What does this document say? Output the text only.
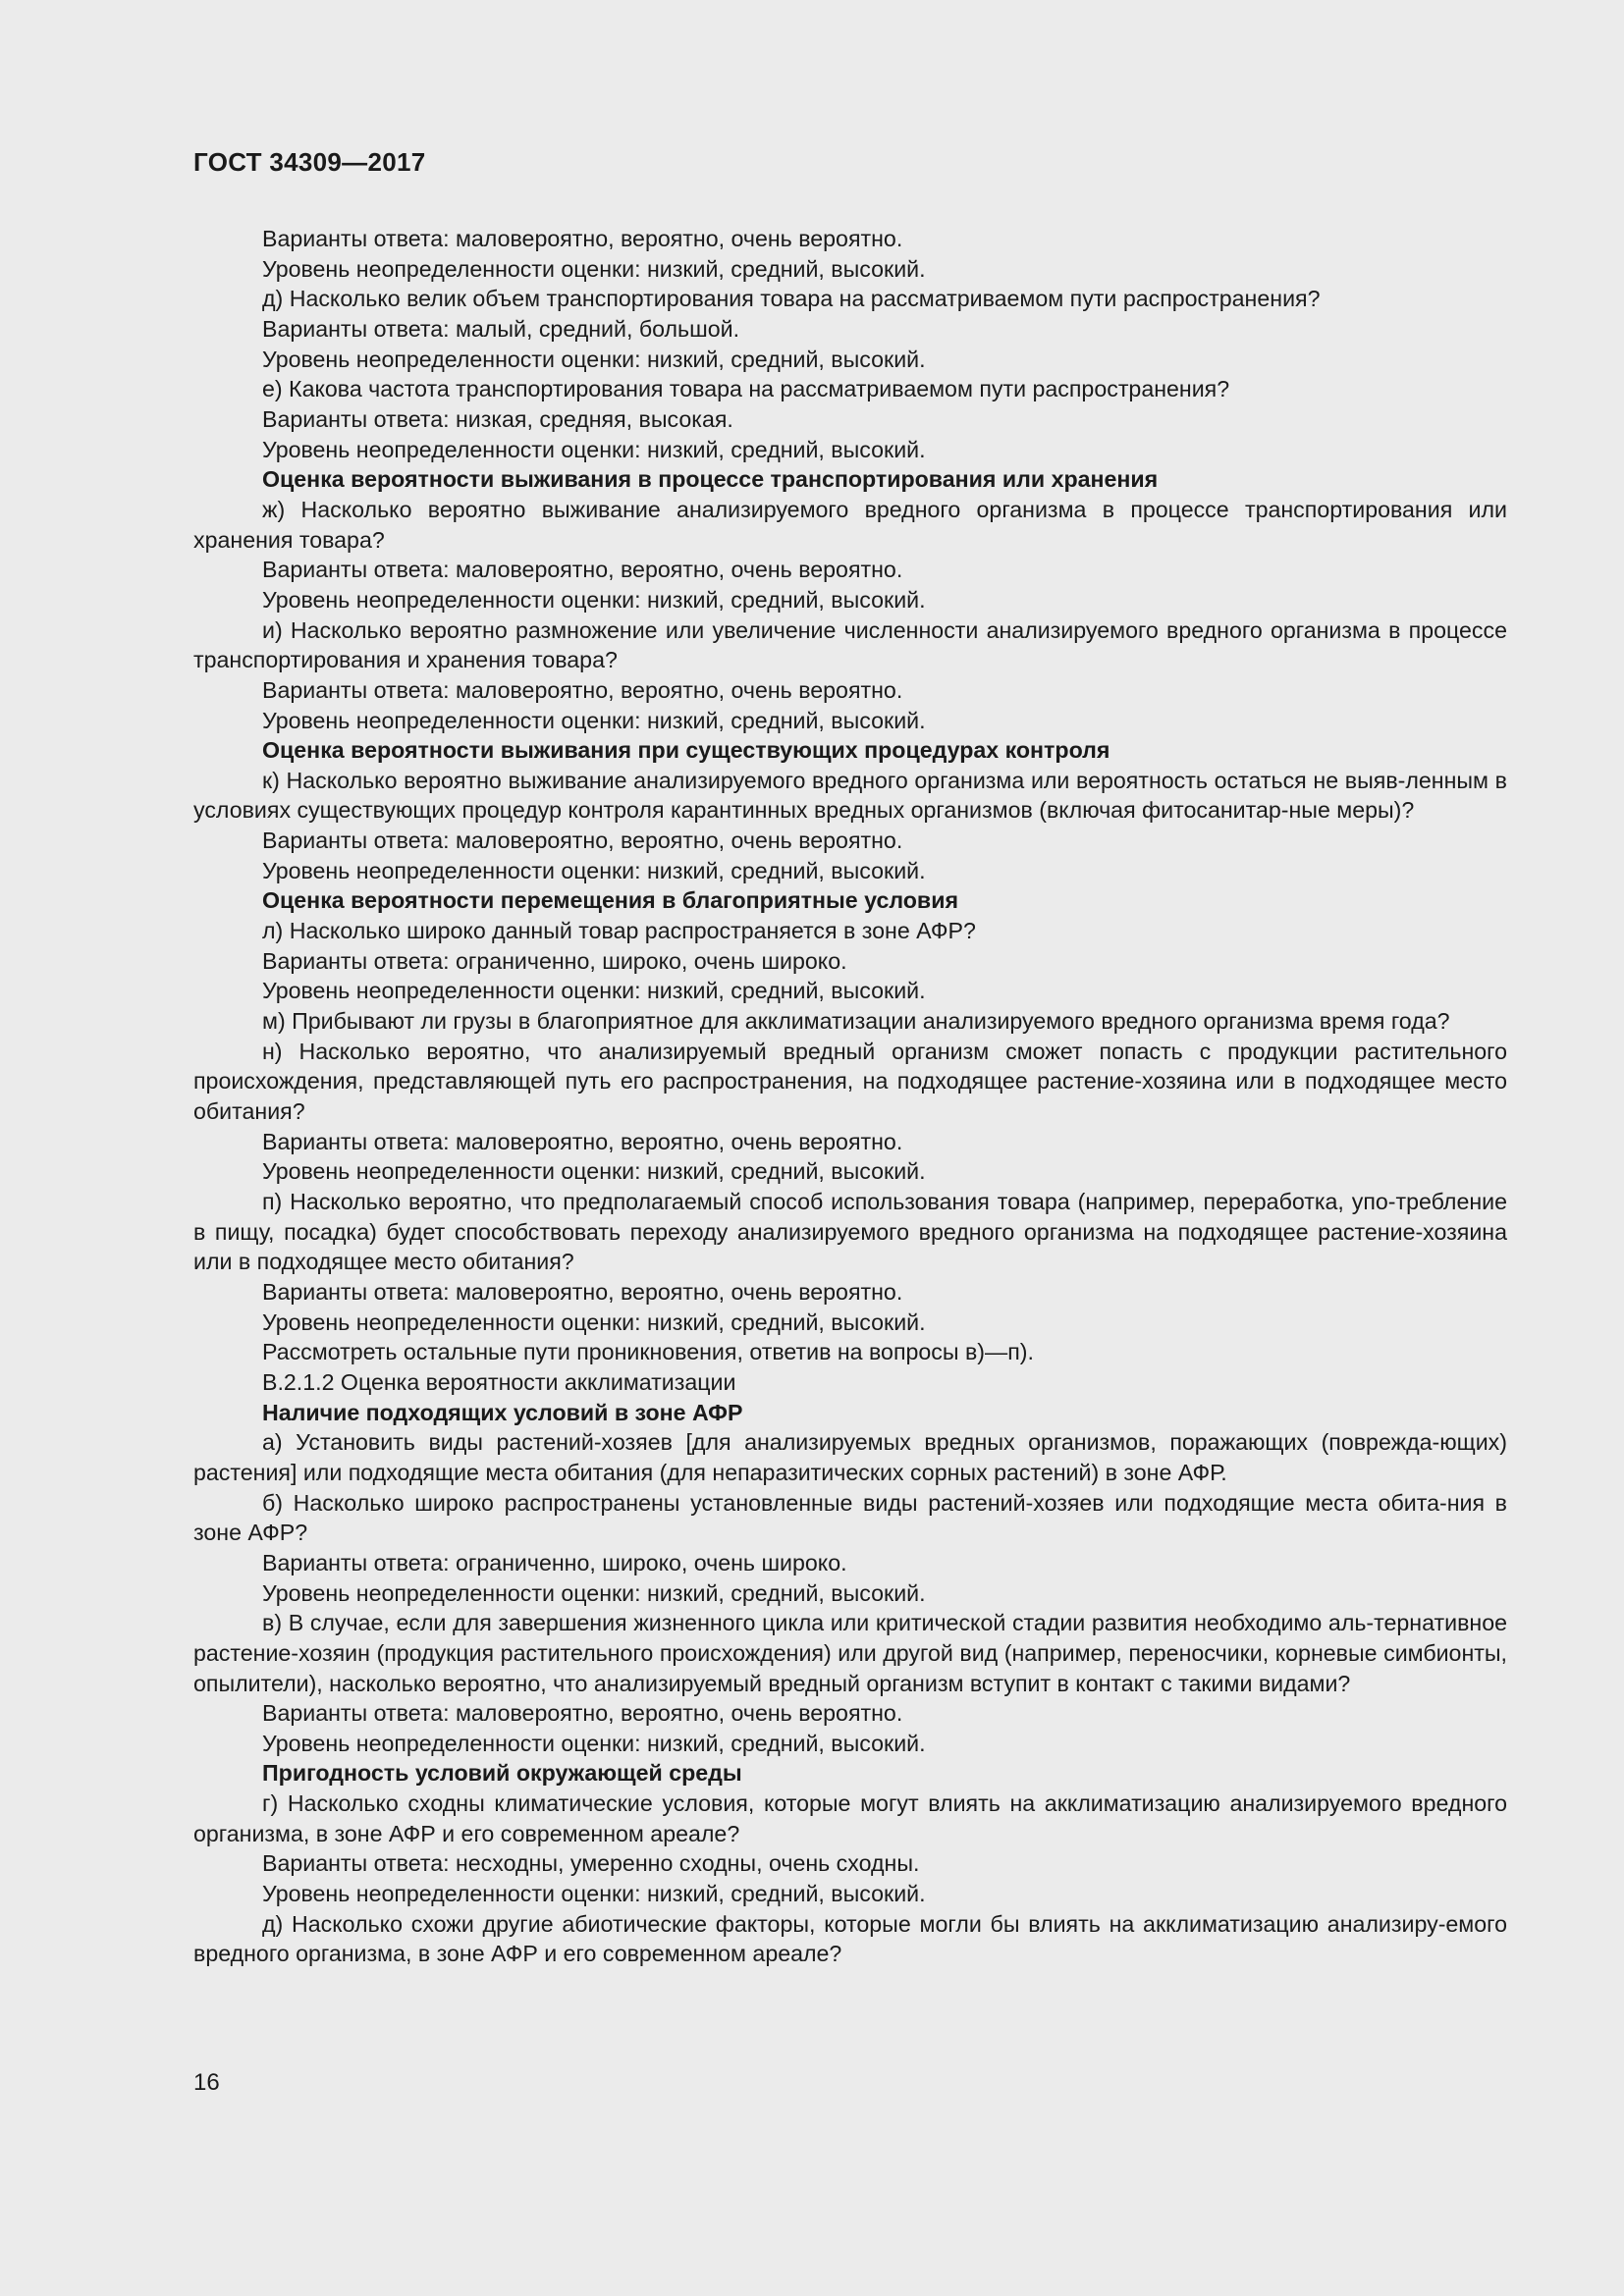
ГОСТ 34309—2017

Варианты ответа: маловероятно, вероятно, очень вероятно.

Уровень неопределенности оценки: низкий, средний, высокий.

д) Насколько велик объем транспортирования товара на рассматриваемом пути распространения?

Варианты ответа: малый, средний, большой.

Уровень неопределенности оценки: низкий, средний, высокий.

е) Какова частота транспортирования товара на рассматриваемом пути распространения?

Варианты ответа: низкая, средняя, высокая.

Уровень неопределенности оценки: низкий, средний, высокий.

Оценка вероятности выживания в процессе транспортирования или хранения

ж) Насколько вероятно выживание анализируемого вредного организма в процессе транспортирования или хранения товара?

Варианты ответа: маловероятно, вероятно, очень вероятно.

Уровень неопределенности оценки: низкий, средний, высокий.

и) Насколько вероятно размножение или увеличение численности анализируемого вредного организма в процессе транспортирования и хранения товара?

Варианты ответа: маловероятно, вероятно, очень вероятно.

Уровень неопределенности оценки: низкий, средний, высокий.

Оценка вероятности выживания при существующих процедурах контроля

к) Насколько вероятно выживание анализируемого вредного организма или вероятность остаться не выяв-ленным в условиях существующих процедур контроля карантинных вредных организмов (включая фитосанитар-ные меры)?

Варианты ответа: маловероятно, вероятно, очень вероятно.

Уровень неопределенности оценки: низкий, средний, высокий.

Оценка вероятности перемещения в благоприятные условия

л) Насколько широко данный товар распространяется в зоне АФР?

Варианты ответа: ограниченно, широко, очень широко.

Уровень неопределенности оценки: низкий, средний, высокий.

м) Прибывают ли грузы в благоприятное для акклиматизации анализируемого вредного организма время года?

н) Насколько вероятно, что анализируемый вредный организм сможет попасть с продукции растительного происхождения, представляющей путь его распространения, на подходящее растение-хозяина или в подходящее место обитания?

Варианты ответа: маловероятно, вероятно, очень вероятно.

Уровень неопределенности оценки: низкий, средний, высокий.

п) Насколько вероятно, что предполагаемый способ использования товара (например, переработка, упо-требление в пищу, посадка) будет способствовать переходу анализируемого вредного организма на подходящее растение-хозяина или в подходящее место обитания?

Варианты ответа: маловероятно, вероятно, очень вероятно.

Уровень неопределенности оценки: низкий, средний, высокий.

Рассмотреть остальные пути проникновения, ответив на вопросы в)—п).

В.2.1.2 Оценка вероятности акклиматизации

Наличие подходящих условий в зоне АФР

а) Установить виды растений-хозяев [для анализируемых вредных организмов, поражающих (поврежда-ющих) растения] или подходящие места обитания (для непаразитических сорных растений) в зоне АФР.

б) Насколько широко распространены установленные виды растений-хозяев или подходящие места обита-ния в зоне АФР?

Варианты ответа: ограниченно, широко, очень широко.

Уровень неопределенности оценки: низкий, средний, высокий.

в) В случае, если для завершения жизненного цикла или критической стадии развития необходимо аль-тернативное растение-хозяин (продукция растительного происхождения) или другой вид (например, переносчики, корневые симбионты, опылители), насколько вероятно, что анализируемый вредный организм вступит в контакт с такими видами?

Варианты ответа: маловероятно, вероятно, очень вероятно.

Уровень неопределенности оценки: низкий, средний, высокий.

Пригодность условий окружающей среды

г) Насколько сходны климатические условия, которые могут влиять на акклиматизацию анализируемого вредного организма, в зоне АФР и его современном ареале?

Варианты ответа: несходны, умеренно сходны, очень сходны.

Уровень неопределенности оценки: низкий, средний, высокий.

д) Насколько схожи другие абиотические факторы, которые могли бы влиять на акклиматизацию анализиру-емого вредного организма, в зоне АФР и его современном ареале?

16
